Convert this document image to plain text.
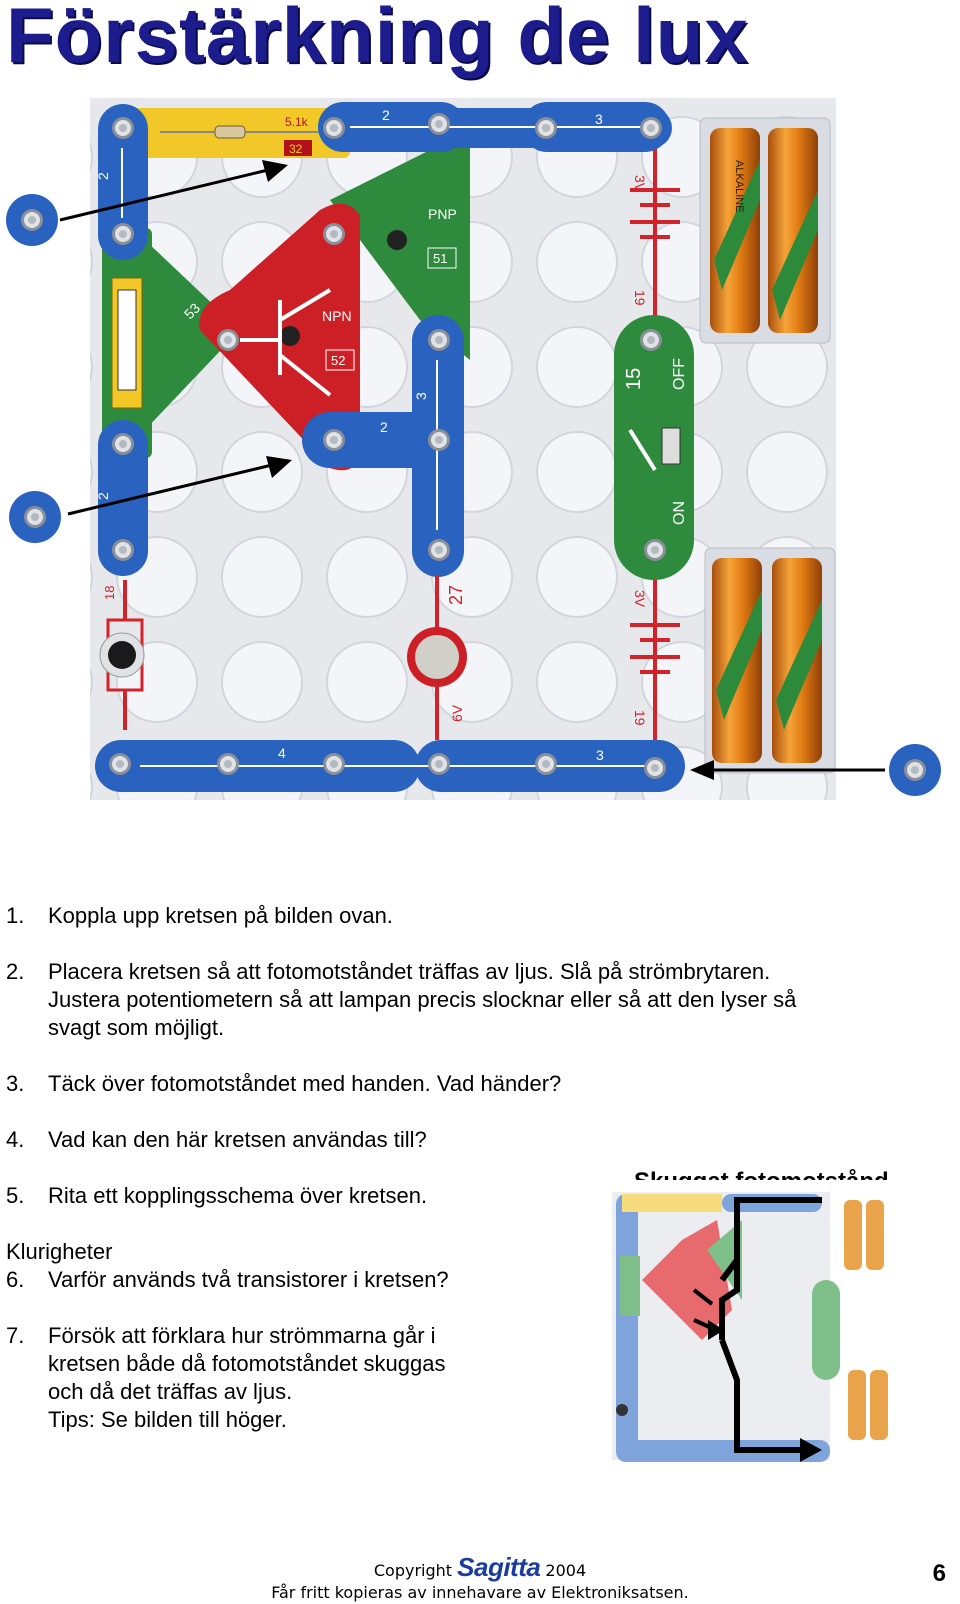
Förstärkning de lux
ALKALINE
3V
19
3V
19
53
PNP
51
NPN
52
5.1k
32
2	3
2
2
3
2
4	3
15 OFF
ON
18	27
6V
1.	Koppla upp kretsen på bilden ovan.
2.	Placera kretsen så att fotomotståndet träffas av ljus. Slå på strömbrytaren.
Justera potentiometern så att lampan precis slocknar eller så att den lyser så
svagt som möjligt.
3.	Täck över fotomotståndet med handen. Vad händer?
4.	Vad kan den här kretsen användas till?
5.	Rita ett kopplingsschema över kretsen.
Klurigheter
6.	Varför används två transistorer i kretsen?
7.	Försök att förklara hur strömmarna går i
kretsen både då fotomotståndet skuggas
och då det träffas av ljus.
Tips: Se bilden till höger.
Copyright Sagitta 2004
Får fritt kopieras av innehavare av Elektroniksatsen.
6
